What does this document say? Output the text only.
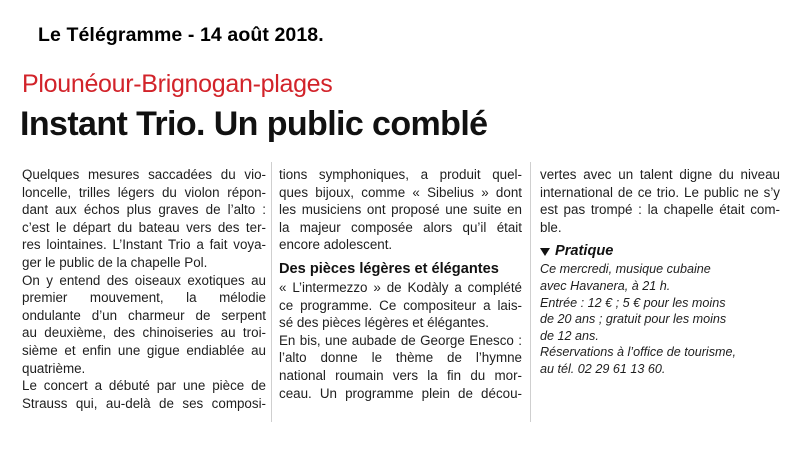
Le Télégramme - 14 août 2018.
Plounéour-Brignogan-plages
Instant Trio. Un public comblé
Quelques mesures saccadées du vio-
loncelle, trilles légers du violon répon-
dant aux échos plus graves de l’alto :
c’est le départ du bateau vers des ter-
res lointaines. L’Instant Trio a fait voya-
ger le public de la chapelle Pol.
On y entend des oiseaux exotiques au
premier mouvement, la mélodie
ondulante d’un charmeur de serpent
au deuxième, des chinoiseries au troi-
sième et enfin une gigue endiablée au
quatrième.
Le concert a débuté par une pièce de
Strauss qui, au-delà de ses composi-
tions symphoniques, a produit quel-
ques bijoux, comme « Sibelius » dont
les musiciens ont proposé une suite en
la majeur composée alors qu’il était
encore adolescent.
Des pièces légères et élégantes
« L’intermezzo » de Kodàly a complété
ce programme. Ce compositeur a lais-
sé des pièces légères et élégantes.
En bis, une aubade de George Enesco :
l’alto donne le thème de l’hymne
national roumain vers la fin du mor-
ceau. Un programme plein de décou-
vertes avec un talent digne du niveau
international de ce trio. Le public ne s’y
est pas trompé : la chapelle était com-
ble.
Pratique
Ce mercredi, musique cubaine
avec Havanera, à 21 h.
Entrée : 12 € ; 5 € pour les moins
de 20 ans ; gratuit pour les moins
de 12 ans.
Réservations à l’office de tourisme,
au tél. 02 29 61 13 60.
